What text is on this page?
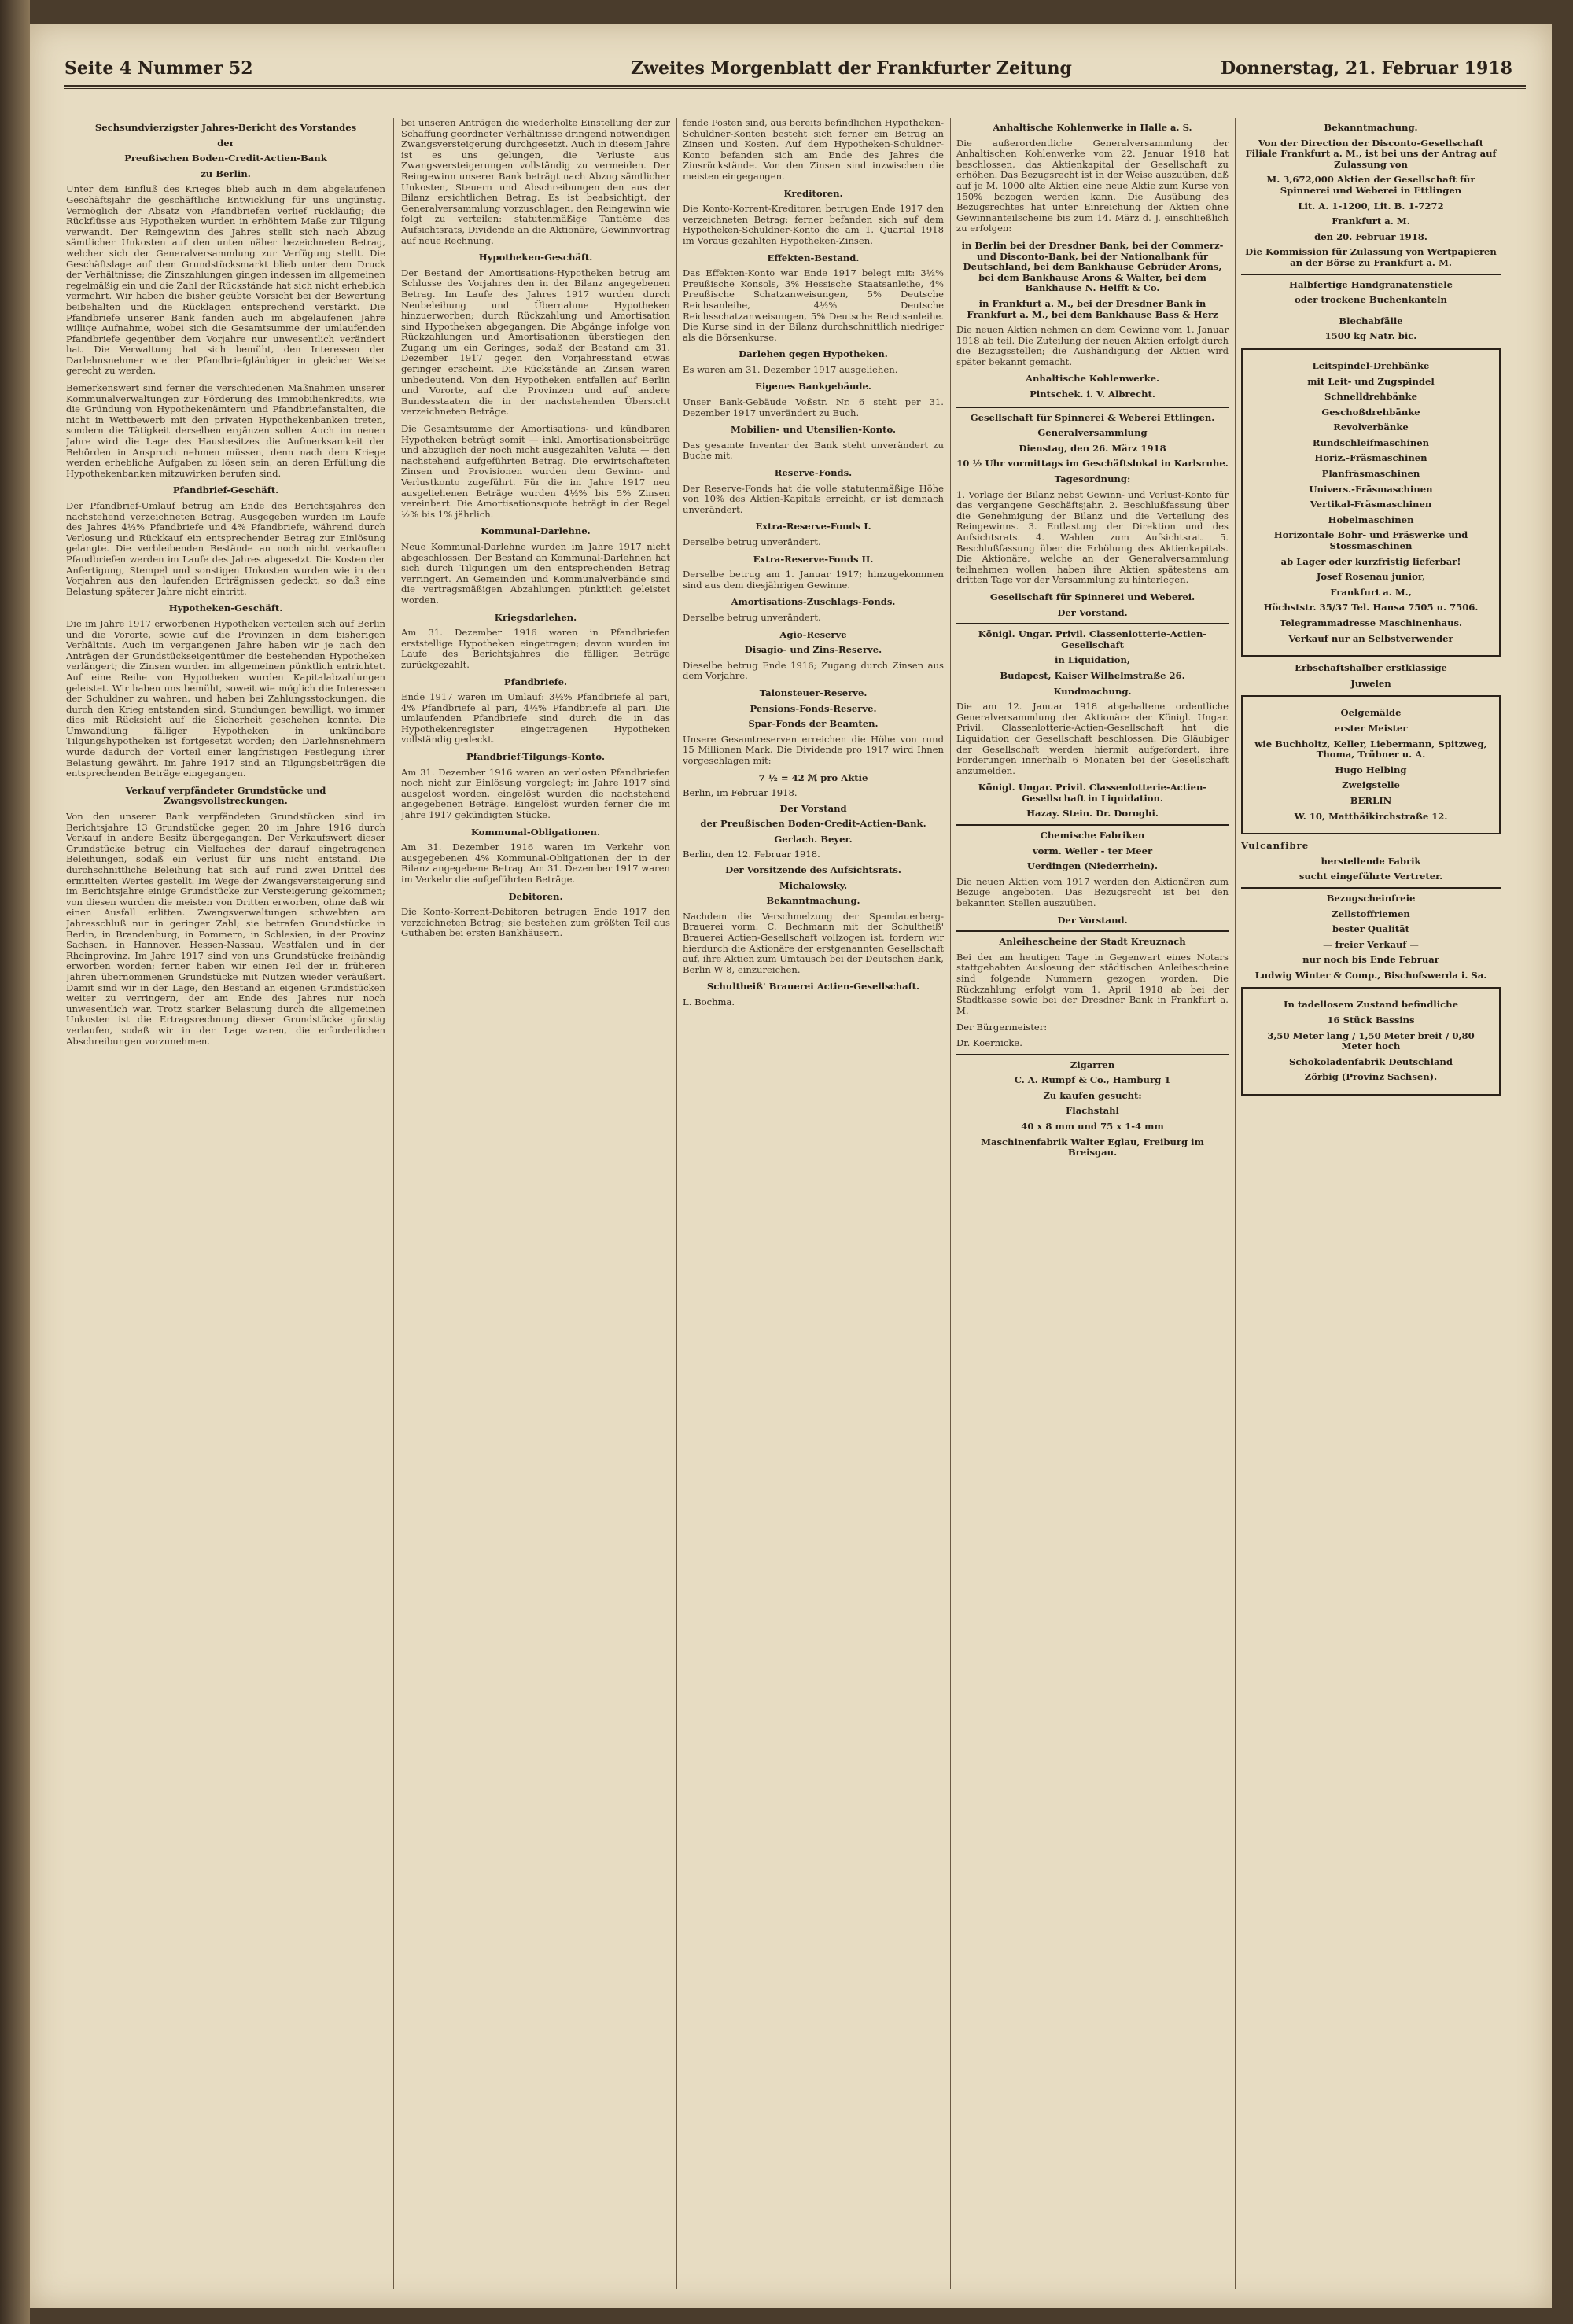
Seite 4 Nummer 52	Zweites Morgenblatt der Frankfurter Zeitung	Donnerstag, 21. Februar 1918

Sechsundvierzigster Jahres-Bericht des Vorstandes

der

Preußischen Boden-Credit-Actien-Bank

zu Berlin.

Unter dem Einfluß des Krieges blieb auch in dem abgelaufenen Geschäftsjahr die geschäftliche Entwicklung für uns ungünstig. Vermöglich der Absatz von Pfandbriefen verlief rückläufig; die Rückflüsse aus Hypotheken wurden in erhöhtem Maße zur Tilgung verwandt. Der Reingewinn des Jahres stellt sich nach Abzug sämtlicher Unkosten auf den unten näher bezeichneten Betrag, welcher sich der Generalversammlung zur Verfügung stellt. Die Geschäftslage auf dem Grundstücksmarkt blieb unter dem Druck der Verhältnisse; die Zinszahlungen gingen indessen im allgemeinen regelmäßig ein und die Zahl der Rückstände hat sich nicht erheblich vermehrt. Wir haben die bisher geübte Vorsicht bei der Bewertung beibehalten und die Rücklagen entsprechend verstärkt. Die Pfandbriefe unserer Bank fanden auch im abgelaufenen Jahre willige Aufnahme, wobei sich die Gesamtsumme der umlaufenden Pfandbriefe gegenüber dem Vorjahre nur unwesentlich verändert hat. Die Verwaltung hat sich bemüht, den Interessen der Darlehnsnehmer wie der Pfandbriefgläubiger in gleicher Weise gerecht zu werden.
Bemerkenswert sind ferner die verschiedenen Maßnahmen unserer Kommunalverwaltungen zur Förderung des Immobilienkredits, wie die Gründung von Hypothekenämtern und Pfandbriefanstalten, die nicht in Wettbewerb mit den privaten Hypothekenbanken treten, sondern die Tätigkeit derselben ergänzen sollen. Auch im neuen Jahre wird die Lage des Hausbesitzes die Aufmerksamkeit der Behörden in Anspruch nehmen müssen, denn nach dem Kriege werden erhebliche Aufgaben zu lösen sein, an deren Erfüllung die Hypothekenbanken mitzuwirken berufen sind.

Pfandbrief-Geschäft.

Der Pfandbrief-Umlauf betrug am Ende des Berichtsjahres den nachstehend verzeichneten Betrag. Ausgegeben wurden im Laufe des Jahres 4½% Pfandbriefe und 4% Pfandbriefe, während durch Verlosung und Rückkauf ein entsprechender Betrag zur Einlösung gelangte. Die verbleibenden Bestände an noch nicht verkauften Pfandbriefen werden im Laufe des Jahres abgesetzt. Die Kosten der Anfertigung, Stempel und sonstigen Unkosten wurden wie in den Vorjahren aus den laufenden Erträgnissen gedeckt, so daß eine Belastung späterer Jahre nicht eintritt.

Hypotheken-Geschäft.

Die im Jahre 1917 erworbenen Hypotheken verteilen sich auf Berlin und die Vororte, sowie auf die Provinzen in dem bisherigen Verhältnis. Auch im vergangenen Jahre haben wir je nach den Anträgen der Grundstückseigentümer die bestehenden Hypotheken verlängert; die Zinsen wurden im allgemeinen pünktlich entrichtet. Auf eine Reihe von Hypotheken wurden Kapitalabzahlungen geleistet. Wir haben uns bemüht, soweit wie möglich die Interessen der Schuldner zu wahren, und haben bei Zahlungsstockungen, die durch den Krieg entstanden sind, Stundungen bewilligt, wo immer dies mit Rücksicht auf die Sicherheit geschehen konnte. Die Umwandlung fälliger Hypotheken in unkündbare Tilgungshypotheken ist fortgesetzt worden; den Darlehnsnehmern wurde dadurch der Vorteil einer langfristigen Festlegung ihrer Belastung gewährt. Im Jahre 1917 sind an Tilgungsbeiträgen die entsprechenden Beträge eingegangen.

Verkauf verpfändeter Grundstücke und Zwangsvollstreckungen.

Von den unserer Bank verpfändeten Grundstücken sind im Berichtsjahre 13 Grundstücke gegen 20 im Jahre 1916 durch Verkauf in andere Besitz übergegangen. Der Verkaufswert dieser Grundstücke betrug ein Vielfaches der darauf eingetragenen Beleihungen, sodaß ein Verlust für uns nicht entstand. Die durchschnittliche Beleihung hat sich auf rund zwei Drittel des ermittelten Wertes gestellt. Im Wege der Zwangsversteigerung sind im Berichtsjahre einige Grundstücke zur Versteigerung gekommen; von diesen wurden die meisten von Dritten erworben, ohne daß wir einen Ausfall erlitten. Zwangsverwaltungen schwebten am Jahresschluß nur in geringer Zahl; sie betrafen Grundstücke in Berlin, in Brandenburg, in Pommern, in Schlesien, in der Provinz Sachsen, in Hannover, Hessen-Nassau, Westfalen und in der Rheinprovinz. Im Jahre 1917 sind von uns Grundstücke freihändig erworben worden; ferner haben wir einen Teil der in früheren Jahren übernommenen Grundstücke mit Nutzen wieder veräußert. Damit sind wir in der Lage, den Bestand an eigenen Grundstücken weiter zu verringern, der am Ende des Jahres nur noch unwesentlich war. Trotz starker Belastung durch die allgemeinen Unkosten ist die Ertragsrechnung dieser Grundstücke günstig verlaufen, sodaß wir in der Lage waren, die erforderlichen Abschreibungen vorzunehmen.
bei unseren Anträgen die wiederholte Einstellung der zur Schaffung geordneter Verhältnisse dringend notwendigen Zwangsversteigerung durchgesetzt. Auch in diesem Jahre ist es uns gelungen, die Verluste aus Zwangsversteigerungen vollständig zu vermeiden. Der Reingewinn unserer Bank beträgt nach Abzug sämtlicher Unkosten, Steuern und Abschreibungen den aus der Bilanz ersichtlichen Betrag. Es ist beabsichtigt, der Generalversammlung vorzuschlagen, den Reingewinn wie folgt zu verteilen: statutenmäßige Tantième des Aufsichtsrats, Dividende an die Aktionäre, Gewinnvortrag auf neue Rechnung.

Hypotheken-Geschäft.

Der Bestand der Amortisations-Hypotheken betrug am Schlusse des Vorjahres den in der Bilanz angegebenen Betrag. Im Laufe des Jahres 1917 wurden durch Neubeleihung und Übernahme Hypotheken hinzuerworben; durch Rückzahlung und Amortisation sind Hypotheken abgegangen. Die Abgänge infolge von Rückzahlungen und Amortisationen überstiegen den Zugang um ein Geringes, sodaß der Bestand am 31. Dezember 1917 gegen den Vorjahresstand etwas geringer erscheint. Die Rückstände an Zinsen waren unbedeutend. Von den Hypotheken entfallen auf Berlin und Vororte, auf die Provinzen und auf andere Bundesstaaten die in der nachstehenden Übersicht verzeichneten Beträge.
Die Gesamtsumme der Amortisations- und kündbaren Hypotheken beträgt somit — inkl. Amortisationsbeiträge und abzüglich der noch nicht ausgezahlten Valuta — den nachstehend aufgeführten Betrag. Die erwirtschafteten Zinsen und Provisionen wurden dem Gewinn- und Verlustkonto zugeführt. Für die im Jahre 1917 neu ausgeliehenen Beträge wurden 4½% bis 5% Zinsen vereinbart. Die Amortisationsquote beträgt in der Regel ½% bis 1% jährlich.

Kommunal-Darlehne.

Neue Kommunal-Darlehne wurden im Jahre 1917 nicht abgeschlossen. Der Bestand an Kommunal-Darlehnen hat sich durch Tilgungen um den entsprechenden Betrag verringert. An Gemeinden und Kommunalverbände sind die vertragsmäßigen Abzahlungen pünktlich geleistet worden.

Kriegsdarlehen.

Am 31. Dezember 1916 waren in Pfandbriefen erststellige Hypotheken eingetragen; davon wurden im Laufe des Berichtsjahres die fälligen Beträge zurückgezahlt.

Pfandbriefe.

Ende 1917 waren im Umlauf: 3½% Pfandbriefe al pari, 4% Pfandbriefe al pari, 4½% Pfandbriefe al pari. Die umlaufenden Pfandbriefe sind durch die in das Hypothekenregister eingetragenen Hypotheken vollständig gedeckt.

Pfandbrief-Tilgungs-Konto.

Am 31. Dezember 1916 waren an verlosten Pfandbriefen noch nicht zur Einlösung vorgelegt; im Jahre 1917 sind ausgelost worden, eingelöst wurden die nachstehend angegebenen Beträge. Eingelöst wurden ferner die im Jahre 1917 gekündigten Stücke.

Kommunal-Obligationen.

Am 31. Dezember 1916 waren im Verkehr von ausgegebenen 4% Kommunal-Obligationen der in der Bilanz angegebene Betrag. Am 31. Dezember 1917 waren im Verkehr die aufgeführten Beträge.

Debitoren.

Die Konto-Korrent-Debitoren betrugen Ende 1917 den verzeichneten Betrag; sie bestehen zum größten Teil aus Guthaben bei ersten Bankhäusern.
fende Posten sind, aus bereits befindlichen Hypotheken-Schuldner-Konten besteht sich ferner ein Betrag an Zinsen und Kosten. Auf dem Hypotheken-Schuldner-Konto befanden sich am Ende des Jahres die Zinsrückstände. Von den Zinsen sind inzwischen die meisten eingegangen.

Kreditoren.

Die Konto-Korrent-Kreditoren betrugen Ende 1917 den verzeichneten Betrag; ferner befanden sich auf dem Hypotheken-Schuldner-Konto die am 1. Quartal 1918 im Voraus gezahlten Hypotheken-Zinsen.

Effekten-Bestand.

Das Effekten-Konto war Ende 1917 belegt mit: 3½% Preußische Konsols, 3% Hessische Staatsanleihe, 4% Preußische Schatzanweisungen, 5% Deutsche Reichsanleihe, 4½% Deutsche Reichsschatzanweisungen, 5% Deutsche Reichsanleihe. Die Kurse sind in der Bilanz durchschnittlich niedriger als die Börsenkurse.

Darlehen gegen Hypotheken.

Es waren am 31. Dezember 1917 ausgeliehen.

Eigenes Bankgebäude.

Unser Bank-Gebäude Voßstr. Nr. 6 steht per 31. Dezember 1917 unverändert zu Buch.

Mobilien- und Utensilien-Konto.

Das gesamte Inventar der Bank steht unverändert zu Buche mit.

Reserve-Fonds.

Der Reserve-Fonds hat die volle statutenmäßige Höhe von 10% des Aktien-Kapitals erreicht, er ist demnach unverändert.

Extra-Reserve-Fonds I.

Derselbe betrug unverändert.

Extra-Reserve-Fonds II.

Derselbe betrug am 1. Januar 1917; hinzugekommen sind aus dem diesjährigen Gewinne.

Amortisations-Zuschlags-Fonds.

Derselbe betrug unverändert.

Agio-Reserve

Disagio- und Zins-Reserve.

Dieselbe betrug Ende 1916; Zugang durch Zinsen aus dem Vorjahre.

Talonsteuer-Reserve.

Pensions-Fonds-Reserve.

Spar-Fonds der Beamten.

Unsere Gesamtreserven erreichen die Höhe von rund 15 Millionen Mark. Die Dividende pro 1917 wird Ihnen vorgeschlagen mit:

7 ½ = 42 ℳ pro Aktie

Berlin, im Februar 1918.

Der Vorstand

der Preußischen Boden-Credit-Actien-Bank.

Gerlach. Beyer.

Berlin, den 12. Februar 1918.

Der Vorsitzende des Aufsichtsrats.

Michalowsky.

Bekanntmachung.

Nachdem die Verschmelzung der Spandauerberg-Brauerei vorm. C. Bechmann mit der Schultheiß' Brauerei Actien-Gesellschaft vollzogen ist, fordern wir hierdurch die Aktionäre der erstgenannten Gesellschaft auf, ihre Aktien zum Umtausch bei der Deutschen Bank, Berlin W 8, einzureichen.

Schultheiß' Brauerei Actien-Gesellschaft.

L. Bochma.

Anhaltische Kohlenwerke in Halle a. S.

Die außerordentliche Generalversammlung der Anhaltischen Kohlenwerke vom 22. Januar 1918 hat beschlossen, das Aktienkapital der Gesellschaft zu erhöhen. Das Bezugsrecht ist in der Weise auszuüben, daß auf je M. 1000 alte Aktien eine neue Aktie zum Kurse von 150% bezogen werden kann. Die Ausübung des Bezugsrechtes hat unter Einreichung der Aktien ohne Gewinnanteilscheine bis zum 14. März d. J. einschließlich zu erfolgen:

in Berlin bei der Dresdner Bank, bei der Commerz- und Disconto-Bank, bei der Nationalbank für Deutschland, bei dem Bankhause Gebrüder Arons, bei dem Bankhause Arons & Walter, bei dem Bankhause N. Helfft & Co.

in Frankfurt a. M., bei der Dresdner Bank in Frankfurt a. M., bei dem Bankhause Bass & Herz

Die neuen Aktien nehmen an dem Gewinne vom 1. Januar 1918 ab teil. Die Zuteilung der neuen Aktien erfolgt durch die Bezugsstellen; die Aushändigung der Aktien wird später bekannt gemacht.

Anhaltische Kohlenwerke.

Pintschek. i. V. Albrecht.

Gesellschaft für Spinnerei & Weberei Ettlingen.

Generalversammlung

Dienstag, den 26. März 1918

10 ½ Uhr vormittags im Geschäftslokal in Karlsruhe.

Tagesordnung:

1. Vorlage der Bilanz nebst Gewinn- und Verlust-Konto für das vergangene Geschäftsjahr. 2. Beschlußfassung über die Genehmigung der Bilanz und die Verteilung des Reingewinns. 3. Entlastung der Direktion und des Aufsichtsrats. 4. Wahlen zum Aufsichtsrat. 5. Beschlußfassung über die Erhöhung des Aktienkapitals. Die Aktionäre, welche an der Generalversammlung teilnehmen wollen, haben ihre Aktien spätestens am dritten Tage vor der Versammlung zu hinterlegen.

Gesellschaft für Spinnerei und Weberei.

Der Vorstand.

Königl. Ungar. Privil. Classenlotterie-Actien-Gesellschaft

in Liquidation,

Budapest, Kaiser Wilhelmstraße 26.

Kundmachung.

Die am 12. Januar 1918 abgehaltene ordentliche Generalversammlung der Aktionäre der Königl. Ungar. Privil. Classenlotterie-Actien-Gesellschaft hat die Liquidation der Gesellschaft beschlossen. Die Gläubiger der Gesellschaft werden hiermit aufgefordert, ihre Forderungen innerhalb 6 Monaten bei der Gesellschaft anzumelden.

Königl. Ungar. Privil. Classenlotterie-Actien-Gesellschaft in Liquidation.

Hazay. Stein. Dr. Doroghi.

Chemische Fabriken

vorm. Weiler - ter Meer

Uerdingen (Niederrhein).

Die neuen Aktien vom 1917 werden den Aktionären zum Bezuge angeboten. Das Bezugsrecht ist bei den bekannten Stellen auszuüben.

Der Vorstand.

Anleihescheine der Stadt Kreuznach

Bei der am heutigen Tage in Gegenwart eines Notars stattgehabten Auslosung der städtischen Anleihescheine sind folgende Nummern gezogen worden. Die Rückzahlung erfolgt vom 1. April 1918 ab bei der Stadtkasse sowie bei der Dresdner Bank in Frankfurt a. M.

Der Bürgermeister:

Dr. Koernicke.

Zigarren

C. A. Rumpf & Co., Hamburg 1

Zu kaufen gesucht:

Flachstahl

40 x 8 mm und 75 x 1-4 mm

Maschinenfabrik Walter Eglau, Freiburg im Breisgau.

Bekanntmachung.

Von der Direction der Disconto-Gesellschaft Filiale Frankfurt a. M., ist bei uns der Antrag auf Zulassung von

M. 3,672,000 Aktien der Gesellschaft für Spinnerei und Weberei in Ettlingen

Lit. A. 1-1200, Lit. B. 1-7272

Frankfurt a. M.

den 20. Februar 1918.

Die Kommission für Zulassung von Wertpapieren an der Börse zu Frankfurt a. M.

Halbfertige Handgranatenstiele

oder trockene Buchenkanteln

Blechabfälle

1500 kg Natr. bic.

Leitspindel-Drehbänke

mit Leit- und Zugspindel

Schnelldrehbänke

Geschoßdrehbänke

Revolverbänke

Rundschleifmaschinen

Horiz.-Fräsmaschinen

Planfräsmaschinen

Univers.-Fräsmaschinen

Vertikal-Fräsmaschinen

Hobelmaschinen

Horizontale Bohr- und Fräswerke und Stossmaschinen

ab Lager oder kurzfristig lieferbar!

Josef Rosenau junior,

Frankfurt a. M.,

Höchststr. 35/37 Tel. Hansa 7505 u. 7506.

Telegrammadresse Maschinenhaus.

Verkauf nur an Selbstverwender

Erbschaftshalber erstklassige

Juwelen

Oelgemälde

erster Meister

wie Buchholtz, Keller, Liebermann, Spitzweg, Thoma, Trübner u. A.

Hugo Helbing

Zweigstelle

BERLIN

W. 10, Matthäikirchstraße 12.

Vulcanfibre

herstellende Fabrik

sucht eingeführte Vertreter.

Bezugscheinfreie

Zellstoffriemen

bester Qualität

— freier Verkauf —

nur noch bis Ende Februar

Ludwig Winter & Comp., Bischofswerda i. Sa.

In tadellosem Zustand befindliche

16 Stück Bassins

3,50 Meter lang / 1,50 Meter breit / 0,80 Meter hoch

Schokoladenfabrik Deutschland

Zörbig (Provinz Sachsen).
